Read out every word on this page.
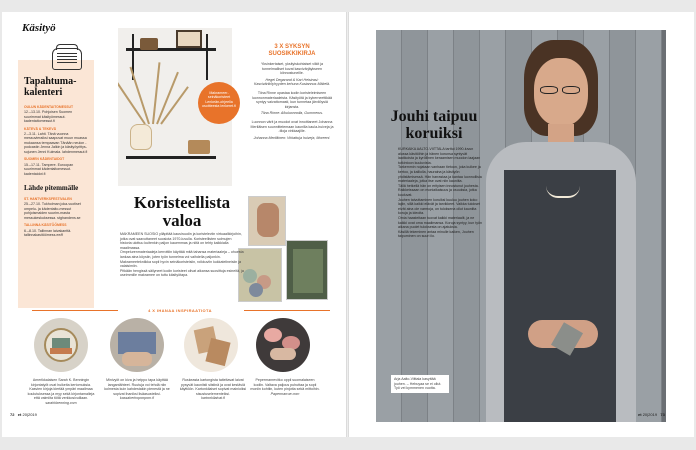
Käsityö
Tapahtuma-kalenteri
OULUN KÄDENTAITOMESSUT
12.–13.10. Pohjoisen Suomen suurimmat käsityömessut. kadentaitomessut.fi
KÄTEVÄ & TEKEVÄ
2.–3.11. Lahti. Tänä vuonna messuvieraiksi saapuvat muun muassa mukaansa tempaavan Tänään neulon -podcastin Jenna Jalkin ja käsityöyrittys-sujunen Jenni Kulmala. lahdenmessut.fi
SUOMEN KÄDENTAIDOT
15.–17.11. Tampere. Euroopan suurimmat kädentaitomessut. kadentaidot.fi
Lähde pitemmälle
ST. HANTVERKSFESTIVALEN
25.–27.10. Tukholman joka-vuotiset ompelu- ja kädentaito-messut pohjoismaiden suurim-masta messukeskuksessa. stghandens.se
TALLINNA KÄSITÖÖMESS
6.–8.10. Tallinnan laivakanttä. tallinnakasitöömess.ee/fi
Makrameer-seinäkoristeet Lenkeän-ohjeella osoitteesta lenkeret.fi
3 X SYKSYN SUOSIKKIKIRJA

Yksinkertaiset, yksityiskohtaiset viikit ja tunnelmalliset kuvat kasvivärjäykseen kiinnostuneille.

Hegei Degarand & Kari Heistrasi: Kasviväriköyhyyden kehuna Kustannus Mäkelä.

Tiina Rinne opastaa kodin koristeleimiseen luonnonmateriaaleista. Käsityötä ja kyberneettikää syntyy vaivattomasti, kun tunnetaa järvilöysiä kirjansta.

Tiina Rinne: Alkuluonnolla, Gummerus.

Luonnon värit ja muodot ovat innoittaneet Johanna Meriläisen suunnittelemaan kaunilla kaula-huiveja ja -tiloja virkkaajille.

Johanna Meriläinen: Virkattuja huiveja, Moreeni.

Koristeellista valoa

MAKRAMEEN SUOSIO ylläpitää kausiruudin ja koristeleviin virtuaalikirjoihin, jotka ovat saavuttaneet suosiota 1970-luvulla. Koristeellisten solmujen historia ulottuu kuitenkin paljon kauemmas ja niitä on tehty kaikkialla maailmassa.

Ompelurenmateriaaleja kerrottiin käyttää mitä tahansa materiaaleja – ohuesta lankaa aina köysiin, joten työn tunnelma voi vaihdella paljonkin. Makrameetekniikka sopii hyvin seinäkoristeisiin, roikkuviin kukkatelineisiin ja valaisimiin.

Pitkään hengissä säilyneet kodin koristeet olivat aikansa suosittuja esineitä, ja useimmille makramee on tuttu käsityötapa.

4 X IHANAA INSPIRAATIOTA

Amerikkalaisen Sarah K. Benningin kirjontatyöt ovat huikeita kertomuksia. Kasvien kirjoja kiertää ympäri maailmaa koulutuksessa ja myy sekä kirjontamalleja että valmiita töitä verkkosivuillaan.

sarahkbenning.com

Minivyöt on kiva ja helppo tapa käyttää langantähteet. Ruutuja voi tehdä niin kolmesta kuin kahdestakin pienestä ja ne sopivat ihaniksi lisäasusteiksi.

kassakerhoponpom.fi

Ruskeasta kartongista taiteltavat laivat pysyvät kauniisti siistinä ja ovat kestäviä käyttöön. Kartonkilaiset sopivat mainioiksi sisustuselementeiksi.

kartonkilaivat.fi

Pepermanrevitko oppii suomalaiseen kodiin. Valtava paljous puhuttaa ja sopii moniin kohtiin, kuten pinjotta sekä mittoihin.

Papermarrue.com

72 et 20|2019
Jouhi taipuu koruiksi

KURKAIKA AALTO-VIITTALA tarttui 1990-luvun alussa käsitöihin ja hänen korunsa syntyvät laatikoista ja kyröllinen keraamisen muodon laajaan tutkintoon kuuluvista.

Tarkemmin nojataan vanhaan tietoon, joka kulkee ja kertoo, ja kalliolla, hauraina ja käsityön yhdistämisessä. Hän harrastaa ja kantaa luonnollisia materiaaleja, jotka itse ovat niin kauniita.

Tällä hetkellä hän on erityisen innostunut jouhesta. Raikkeissaan on moniaikaisuus ja osuuksia, jotka kuuluvat.

Jouhen taivuttaminen koruiksi kuuluu jouhen koko lajiin, sillä kaikki elävät ja tarvikkeet. Vaikka tulokset eivät aina ole varmoja, on tuloksena ollut kauniita koruja ja ideoita.

Omia haasteitaan tuovat kaikki materiaalit, ja ne kaikki ovat oma maailmansa. Koruja syntyy, kun työn aikana puolet tuloksesta on ajatuksia.

Käsillä tekeminen antaa minulle kaiken, Jouhen taipuminen on suuri ilo.

Arja Aalto-Viittala kasyttää jouhen. – Hebuyaa se ei ollut. Työ vei kymmenen vuotta.

et 20|2019 73
